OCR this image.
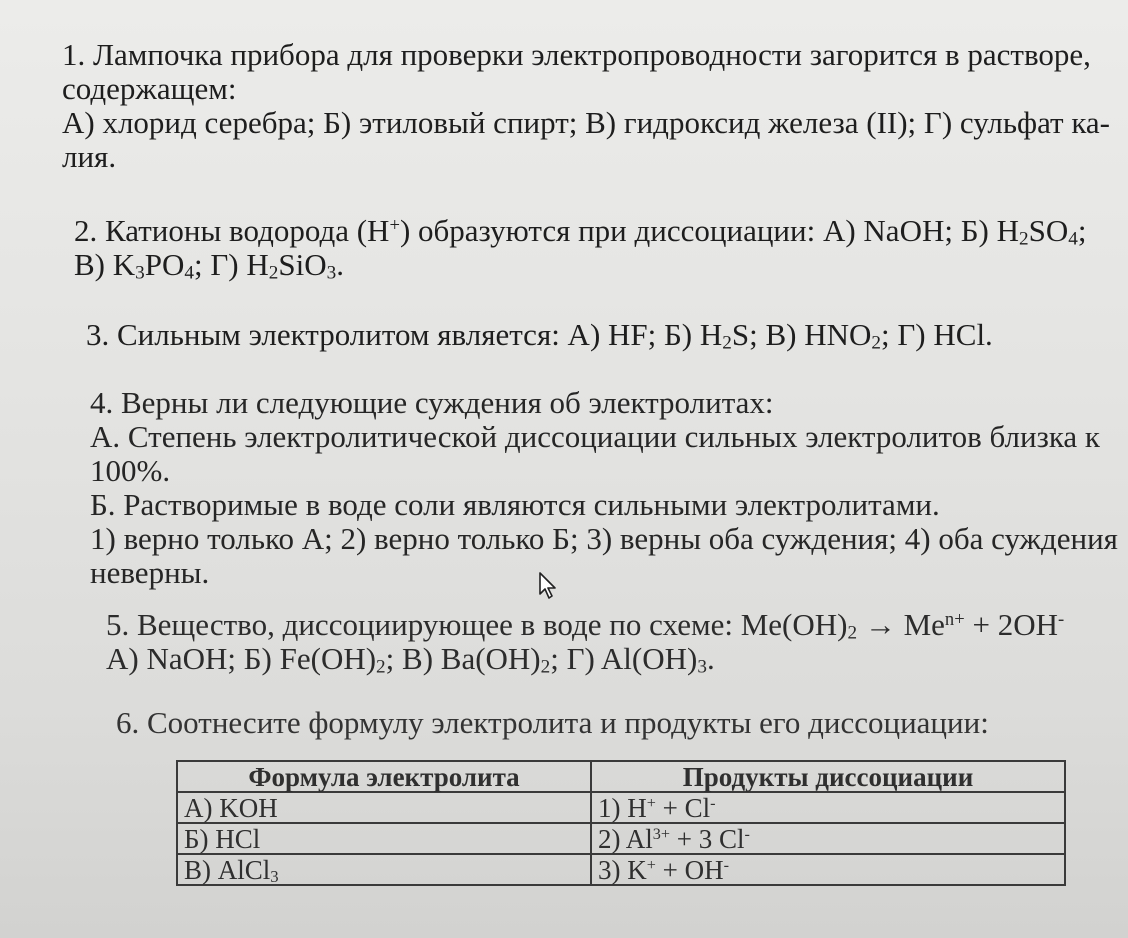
1. Лампочка прибора для проверки электропроводности загорится в растворе,
содержащем:
А) хлорид серебра; Б) этиловый спирт; В) гидроксид железа (II); Г) сульфат ка-
лия.
2. Катионы водорода (H+) образуются при диссоциации: А) NaOH; Б) $H_2SO_4$;
В) $K_3PO_4$; Г) $H_2SiO_3$.
3. Сильным электролитом является: А) HF; Б) $H_2S$; В) $HNO_2$; Г) HCl.
4. Верны ли следующие суждения об электролитах:
А. Степень электролитической диссоциации сильных электролитов близка к
100%.
Б. Растворимые в воде соли являются сильными электролитами.
1) верно только А; 2) верно только Б; 3) верны оба суждения; 4) оба суждения
неверны.
5. Вещество, диссоциирующее в воде по схеме: $Me(OH)_2 \to Me^{n+} + 2OH^-$
А) NaOH; Б) $Fe(OH)_2$; В) $Ba(OH)_2$; Г) $Al(OH)_3$.
6. Соотнесите формулу электролита и продукты его диссоциации:
Формула электролита	Продукты диссоциации
А) KOH	1) H+ + Cl-
Б) HCl	2) $Al^{3+} + 3$ Cl-
В) AlCl$_3$	3) K+ + OH-
